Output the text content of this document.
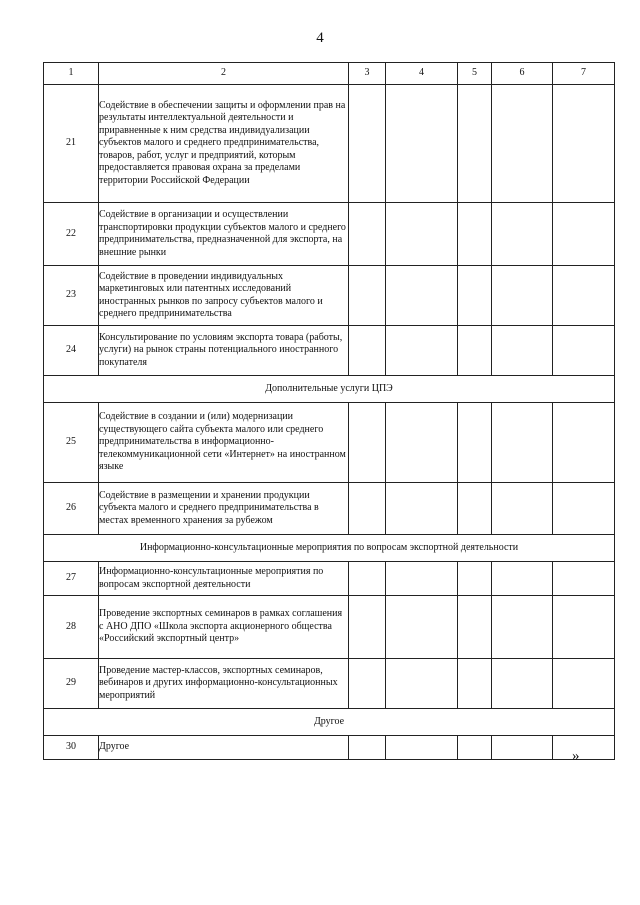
4
1	2	3	4	5	6	7
21	Содействие в обеспечении защиты и оформлении прав на результаты интеллектуальной деятельности и приравненные к ним средства индивидуализации субъектов малого и среднего предпринимательства, товаров, работ, услуг и предприятий, которым предоставляется правовая охрана за пределами территории Российской Федерации					
22	Содействие в организации и осуществлении транспортировки продукции субъектов малого и среднего предпринимательства, предназначенной для экспорта, на внешние рынки					
23	Содействие в проведении индивидуальных маркетинговых или патентных исследований иностранных рынков по запросу субъектов малого и среднего предпринимательства					
24	Консультирование по условиям экспорта товара (работы, услуги) на рынок страны потенциального иностранного покупателя					
Дополнительные услуги ЦПЭ						
25	Содействие в создании и (или) модернизации существующего сайта субъекта малого или среднего предпринимательства в информационно-телекоммуникационной сети «Интернет» на иностранном языке					
26	Содействие в размещении и хранении продукции субъекта малого и среднего предпринимательства в местах временного хранения за рубежом					
Информационно-консультационные мероприятия по вопросам экспортной деятельности						
27	Информационно-консультационные мероприятия по вопросам экспортной деятельности					
28	Проведение экспортных семинаров в рамках соглашения с АНО ДПО «Школа экспорта акционерного общества «Российский экспортный центр»					
29	Проведение мастер-классов, экспортных семинаров, вебинаров и других информационно-консультационных мероприятий					
Другое						
30	Другое					
»
